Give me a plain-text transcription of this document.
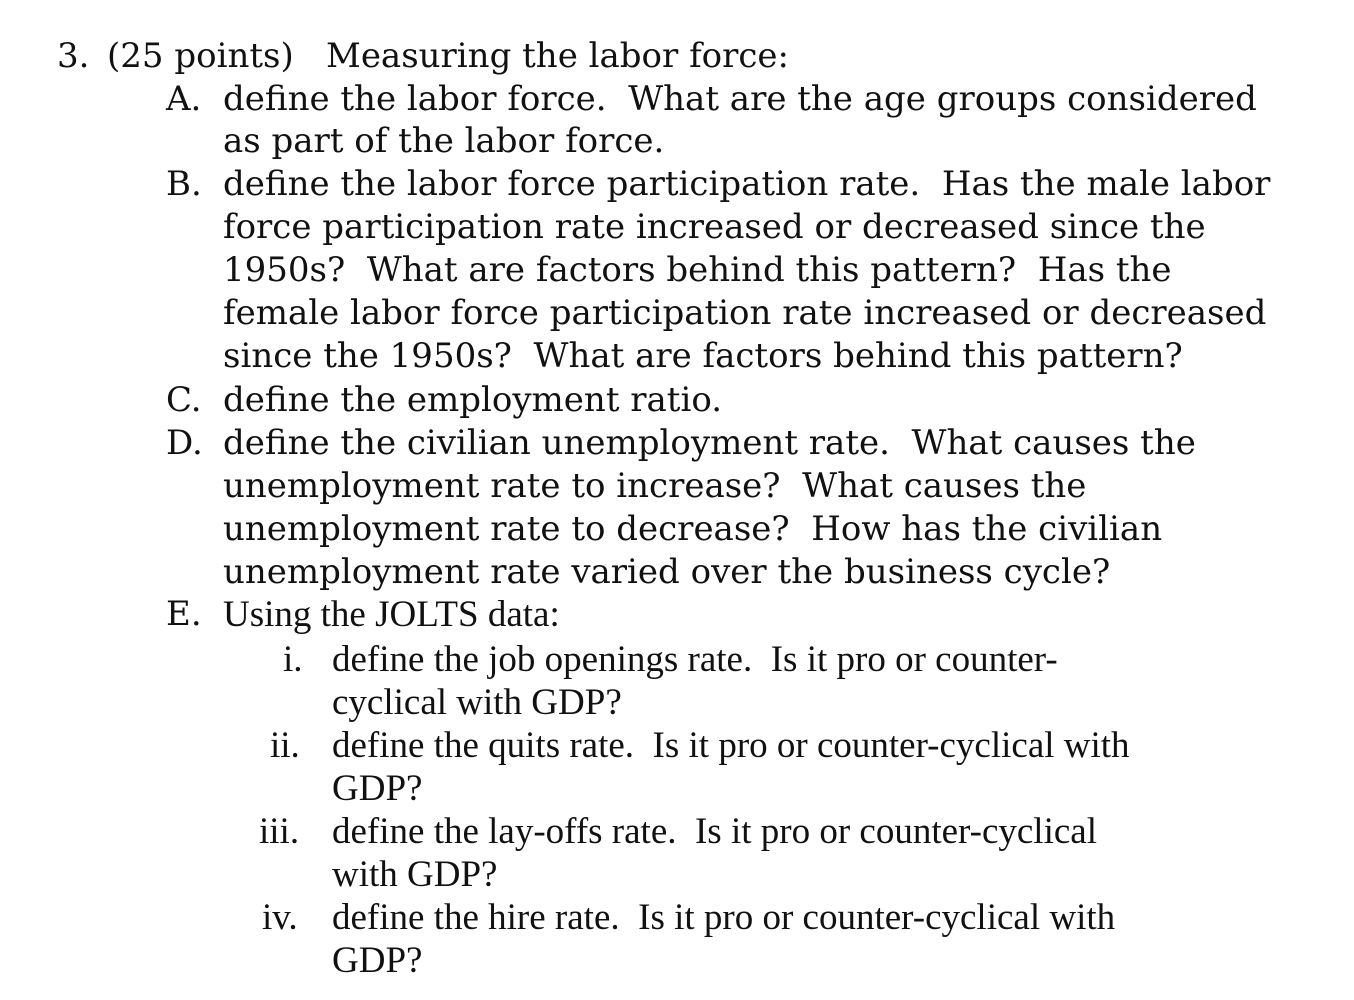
3. (25 points) Measuring the labor force:
A. define the labor force.  What are the age groups considered
as part of the labor force.
B. define the labor force participation rate.  Has the male labor
force participation rate increased or decreased since the
1950s?  What are factors behind this pattern?  Has the
female labor force participation rate increased or decreased
since the 1950s?  What are factors behind this pattern?
C. define the employment ratio.
D. define the civilian unemployment rate.  What causes the
unemployment rate to increase?  What causes the
unemployment rate to decrease?  How has the civilian
unemployment rate varied over the business cycle?
E. Using the JOLTS data:
i. define the job openings rate.  Is it pro or counter-
cyclical with GDP?
ii. define the quits rate.  Is it pro or counter-cyclical with
GDP?
iii. define the lay-offs rate.  Is it pro or counter-cyclical
with GDP?
iv. define the hire rate.  Is it pro or counter-cyclical with
GDP?
